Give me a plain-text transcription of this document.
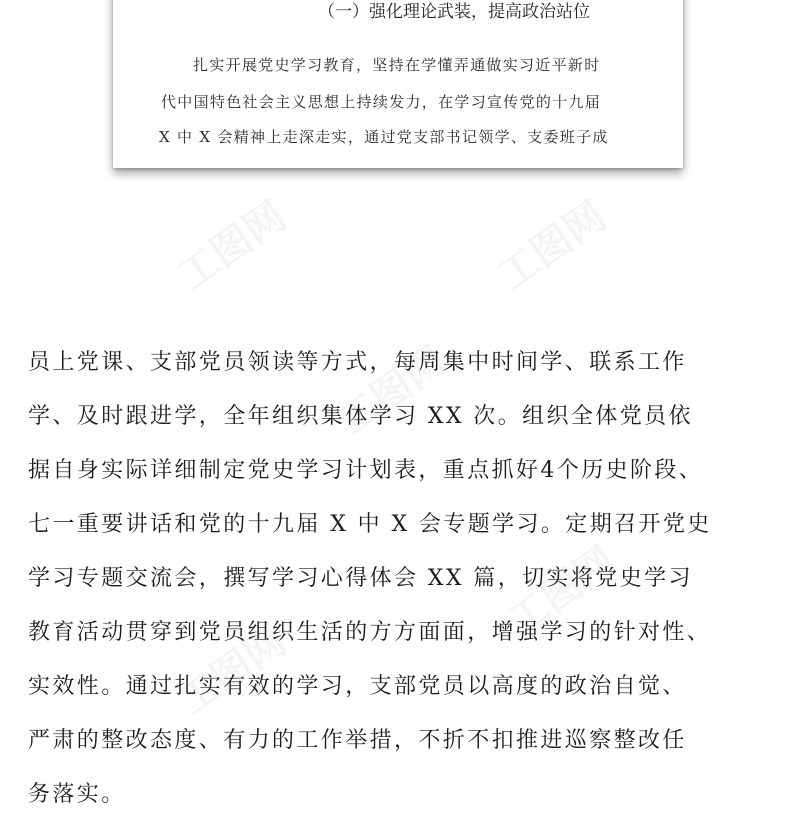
（一）强化理论武装，提高政治站位
扎实开展党史学习教育，坚持在学懂弄通做实习近平新时
代中国特色社会主义思想上持续发力，在学习宣传党的十九届
X 中 X 会精神上走深走实，通过党支部书记领学、支委班子成
工图网	工图网
工图网
工图网
工图网
员上党课、支部党员领读等方式，每周集中时间学、联系工作
学、及时跟进学，全年组织集体学习 XX 次。组织全体党员依
据自身实际详细制定党史学习计划表，重点抓好4个历史阶段、
七一重要讲话和党的十九届 X 中 X 会专题学习。定期召开党史
学习专题交流会，撰写学习心得体会 XX 篇，切实将党史学习
教育活动贯穿到党员组织生活的方方面面，增强学习的针对性、
实效性。通过扎实有效的学习，支部党员以高度的政治自觉、
严肃的整改态度、有力的工作举措，不折不扣推进巡察整改任
务落实。
